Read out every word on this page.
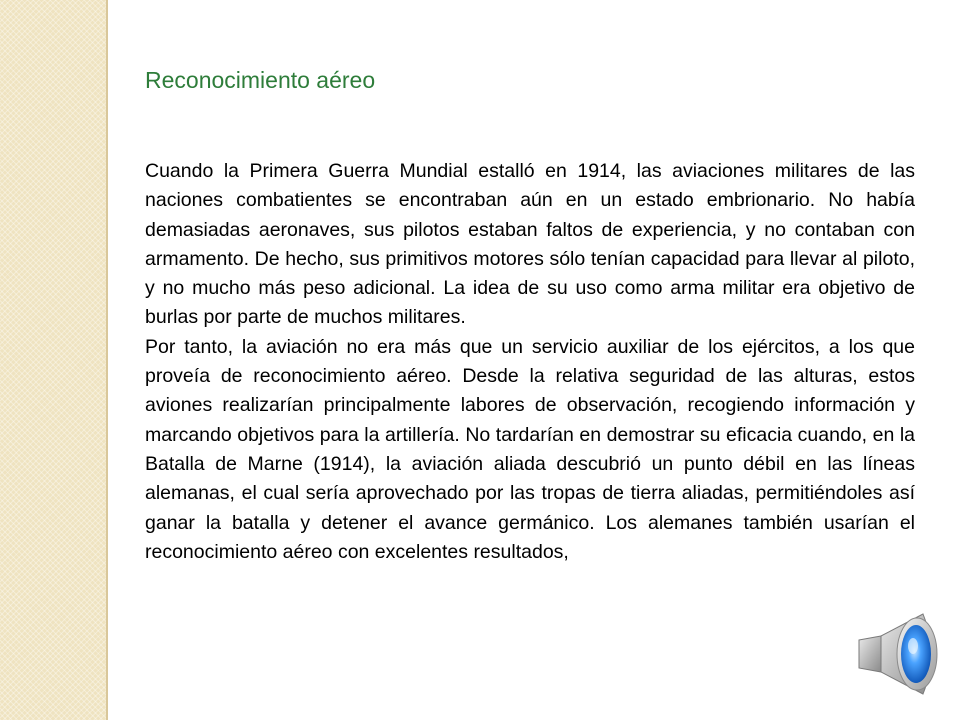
Reconocimiento aéreo

Cuando la Primera Guerra Mundial estalló en 1914, las aviaciones militares de las naciones combatientes se encontraban aún en un estado embrionario. No había demasiadas aeronaves, sus pilotos estaban faltos de experiencia, y no contaban con armamento. De hecho, sus primitivos motores sólo tenían capacidad para llevar al piloto, y no mucho más peso adicional. La idea de su uso como arma militar era objetivo de burlas por parte de muchos militares.

Por tanto, la aviación no era más que un servicio auxiliar de los ejércitos, a los que proveía de reconocimiento aéreo. Desde la relativa seguridad de las alturas, estos aviones realizarían principalmente labores de observación, recogiendo información y marcando objetivos para la artillería. No tardarían en demostrar su eficacia cuando, en la Batalla de Marne (1914), la aviación aliada descubrió un punto débil en las líneas alemanas, el cual sería aprovechado por las tropas de tierra aliadas, permitiéndoles así ganar la batalla y detener el avance germánico. Los alemanes también usarían el reconocimiento aéreo con excelentes resultados,
